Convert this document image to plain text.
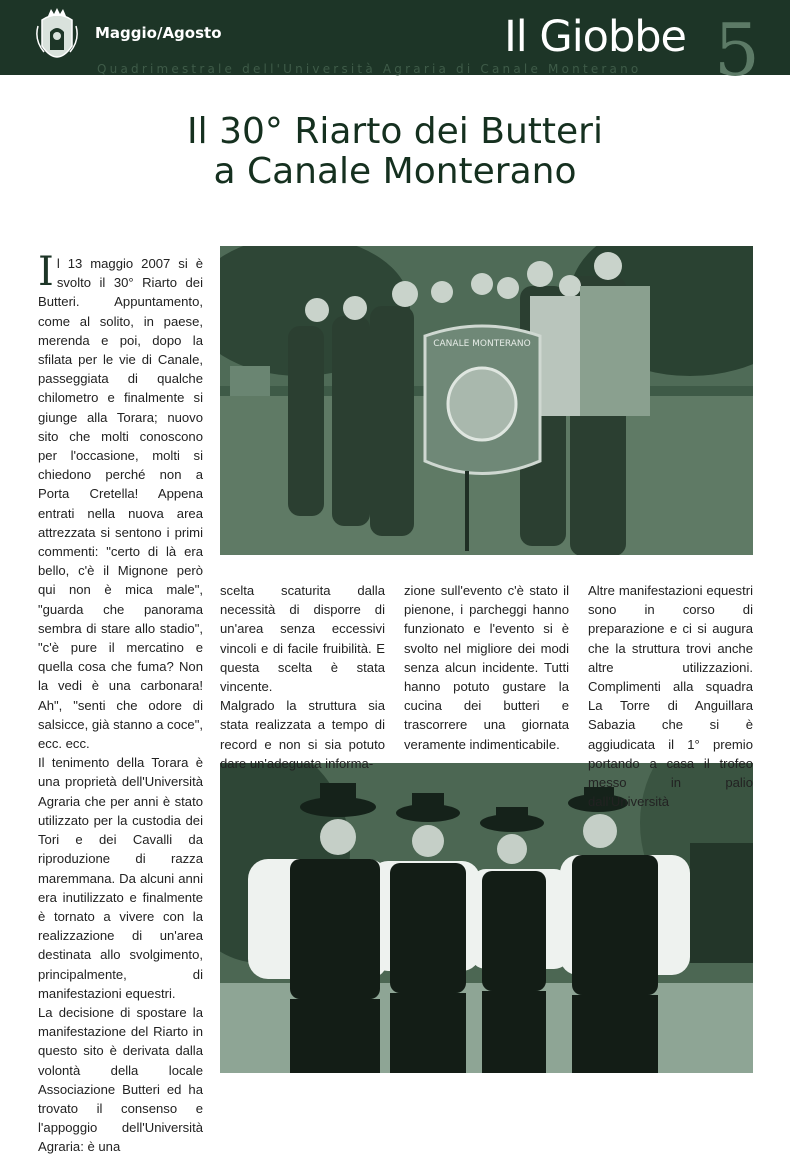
Maggio/Agosto	Il Giobbe 5
Quadrimestrale dell'Università Agraria di Canale Monterano
Il 30° Riarto dei Butteri
a Canale Monterano
CANALE MONTERANO
I l 13 maggio 2007 si è svolto il 30° Riarto dei Butteri. Appuntamento, come al solito, in paese, merenda e poi, dopo la sfilata per le vie di Canale, passeggiata di qualche chilometro e finalmente si giunge alla Torara; nuovo sito che molti conoscono per l'occasione, molti si chiedono perché non a Porta Cretella! Appena entrati nella nuova area attrezzata si sentono i primi commenti: "certo di là era bello, c'è il Mignone però qui non è mica male", "guarda che panorama sembra di stare allo stadio", "c'è pure il mercatino e quella cosa che fuma? Non la vedi è una carbonara! Ah", "senti che odore di salsicce, già stanno a coce", ecc. ecc.

Il tenimento della Torara è una proprietà dell'Università Agraria che per anni è stato utilizzato per la custodia dei Tori e dei Cavalli da riproduzione di razza maremmana. Da alcuni anni era inutilizzato e finalmente è tornato a vivere con la realizzazione di un'area destinata allo svolgimento, principalmente, di manifestazioni equestri.

La decisione di spostare la manifestazione del Riarto in questo sito è derivata dalla volontà della locale Associazione Butteri ed ha trovato il consenso e l'appoggio dell'Università Agraria: è una

scelta scaturita dalla necessità di disporre di un'area senza eccessivi vincoli e di facile fruibilità. E questa scelta è stata vincente.

Malgrado la struttura sia stata realizzata a tempo di record e non si sia potuto dare un'adeguata informa-

zione sull'evento c'è stato il pienone, i parcheggi hanno funzionato e l'evento si è svolto nel migliore dei modi senza alcun incidente. Tutti hanno potuto gustare la cucina dei butteri e trascorrere una giornata veramente indimenticabile.

Altre manifestazioni equestri sono in corso di preparazione e ci si augura che la struttura trovi anche altre utilizzazioni. Complimenti alla squadra La Torre di Anguillara Sabazia che si è aggiudicata il 1° premio portando a casa il trofeo messo in palio dall'Università
